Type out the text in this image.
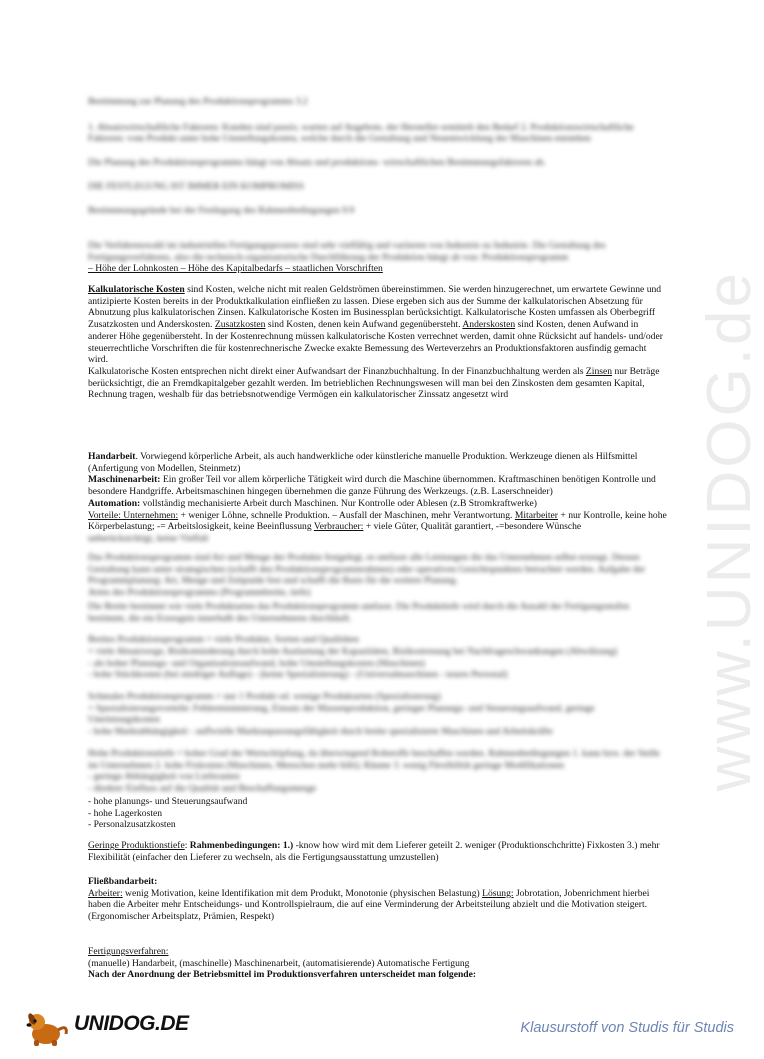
Bestimmung zur Planung des Produktionsprogramms 3.2

1. Absatzwirtschaftliche Faktoren: Kunden sind passiv, warten auf Angebote, der Hersteller ermittelt den Bedarf 2. Produktionswirtschaftliche Faktoren: vom Produkt unter hohe Umstellungskosten, welche durch die Gestaltung und Neuentwicklung der Maschinen entstehen

Die Planung des Produktionsprogramms hängt von Absatz und produktions- wirtschaftlichen Bestimmungsfaktoren ab.

DIE FESTLEGUNG IST IMMER EIN KOMPROMISS

Bestimmungsgründe bei der Festlegung des Rahmenbedingungen 9.9

Die Verfahrenswahl im industriellen Fertigungsprozess sind sehr vielfältig und variieren von Industrie zu Industrie. Die Gestaltung des Fertigungsverfahrens, also die technisch-organisatorische Durchführung der Produktion hängt ab von: Produktionsprogramm

– Höhe der Lohnkosten – Höhe des Kapitalbedarfs – staatlichen Vorschriften

Kalkulatorische Kosten sind Kosten, welche nicht mit realen Geldströmen übereinstimmen. Sie werden hinzugerechnet, um erwartete Gewinne und antizipierte Kosten bereits in der Produktkalkulation einfließen zu lassen. Diese ergeben sich aus der Summe der kalkulatorischen Absetzung für Abnutzung plus kalkulatorischen Zinsen. Kalkulatorische Kosten im Businessplan berücksichtigt. Kalkulatorische Kosten umfassen als Oberbegriff Zusatzkosten und Anderskosten. Zusatzkosten sind Kosten, denen kein Aufwand gegenübersteht. Anderskosten sind Kosten, denen Aufwand in anderer Höhe gegenübersteht. In der Kostenrechnung müssen kalkulatorische Kosten verrechnet werden, damit ohne Rücksicht auf handels- und/oder steuerrechtliche Vorschriften die für kostenrechnerische Zwecke exakte Bemessung des Werteverzehrs an Produktionsfaktoren ausfindig gemacht wird.

Kalkulatorische Kosten entsprechen nicht direkt einer Aufwandsart der Finanzbuchhaltung. In der Finanzbuchhaltung werden als Zinsen nur Beträge berücksichtigt, die an Fremdkapitalgeber gezahlt werden. Im betrieblichen Rechnungswesen will man bei den Zinskosten dem gesamten Kapital, Rechnung tragen, weshalb für das betriebsnotwendige Vermögen ein kalkulatorischer Zinssatz angesetzt wird

Handarbeit. Vorwiegend körperliche Arbeit, als auch handwerkliche oder künstleriche manuelle Produktion. Werkzeuge dienen als Hilfsmittel (Anfertigung von Modellen, Steinmetz)

Maschinenarbeit: Ein großer Teil vor allem körperliche Tätigkeit wird durch die Maschine übernommen. Kraftmaschinen benötigen Kontrolle und besondere Handgriffe. Arbeitsmaschinen hingegen übernehmen die ganze Führung des Werkzeugs. (z.B. Laserschneider)

Automation: vollständig mechanisierte Arbeit durch Maschinen. Nur Kontrolle oder Ablesen (z.B Stromkraftwerke)

Vorteile: Unternehmen: + weniger Löhne, schnelle Produktion. – Ausfall der Maschinen, mehr Verantwortung. Mitarbeiter + nur Kontrolle, keine hohe Körperbelastung; -= Arbeitslosigkeit, keine Beeinflussung Verbraucher: + viele Güter, Qualität garantiert, -=besondere Wünsche

unberücksichtigt, keine Vielfalt

Das Produktionsprogramm sind Art und Menge der Produkte festgelegt, es umfasst alle Leistungen die das Unternehmen selbst erzeugt. Dessen Gestaltung kann unter strategischen (schafft den Produktionsprogrammrahmen) oder operativen Gesichtspunkten betrachtet werden. Aufgabe der Programmplanung: Art, Menge und Zeitpunkt fest und schafft die Basis für die weitere Planung.

Arten des Produktionsprogramms (Programmbreite, tiefe)

Die Breite bestimmt wie viele Produktarten das Produktionsprogramm umfasst. Die Produkttiefe wird durch die Anzahl der Fertigungsstufen bestimmt, die ein Erzeugnis innerhalb des Unternehmens durchläuft.

Breites Produktionsprogramm = viele Produkte, Sorten und Qualitäten

+ viele Absatzwege, Risikominderung durch hohe Auslastung der Kapazitäten, Risikostreuung bei Nachfrageschwankungen (Abwälzung)

- als hoher Planungs- und Organisationsaufwand, hohe Umstellungskosten (Maschinen)

- hohe Stückkosten (bei niedriger Auflage) - (keine Spezialisierung) - (Universalmaschinen - teures Personal)

Schmales Produktionsprogramm = nur 1 Produkt od. wenige Produktarten (Spezialisierung)

+ Spezialisierungsvorteile: Fehlerminimierung, Einsatz der Massenproduktion, geringer Planungs- und Steuerungsaufwand, geringe Umrüstungskosten

- hohe Marktabhängigkeit - auffwielle Marktanpassungsfähigkeit durch breite spezialisierte Maschinen und Arbeitskräfte

Hohe Produktionstiefe = hoher Grad der Wertschöpfung, da überwiegend Rohstoffe beschaffen werden. Rahmenbedingungen 1. kann bzw. der Stelle im Unternehmen 2. hohe Fixkosten (Maschinen, Menschen mehr hiltt); Räume 3. wenig Flexibilität geringe Modifikationen

- geringe Abhängigkeit von Lieferanten

- direkter Einfluss auf die Qualität und Beschaffungsmenge

- hohe planungs- und Steuerungsaufwand

- hohe Lagerkosten

- Personalzusatzkosten

Geringe Produktionstiefe: Rahmenbedingungen: 1.) -know how wird mit dem Lieferer geteilt 2. weniger (Produktionschchritte) Fixkosten 3.) mehr Flexibilität (einfacher den Lieferer zu wechseln, als die Fertigungsausstattung umzustellen)

Fließbandarbeit:

Arbeiter: wenig Motivation, keine Identifikation mit dem Produkt, Monotonie (physischen Belastung) Lösung: Jobrotation, Jobenrichment hierbei haben die Arbeiter mehr Entscheidungs- und Kontrollspielraum, die auf eine Verminderung der Arbeitsteilung abzielt und die Motivation steigert. (Ergonomischer Arbeitsplatz, Prämien, Respekt)

Fertigungsverfahren:

(manuelle) Handarbeit, (maschinelle) Maschinenarbeit, (automatisierende) Automatische Fertigung

Nach der Anordnung der Betriebsmittel im Produktionsverfahren unterscheidet man folgende:

www.UNIDOG.de
UNIDOG.DE	Klausurstoff von Studis für Studis
